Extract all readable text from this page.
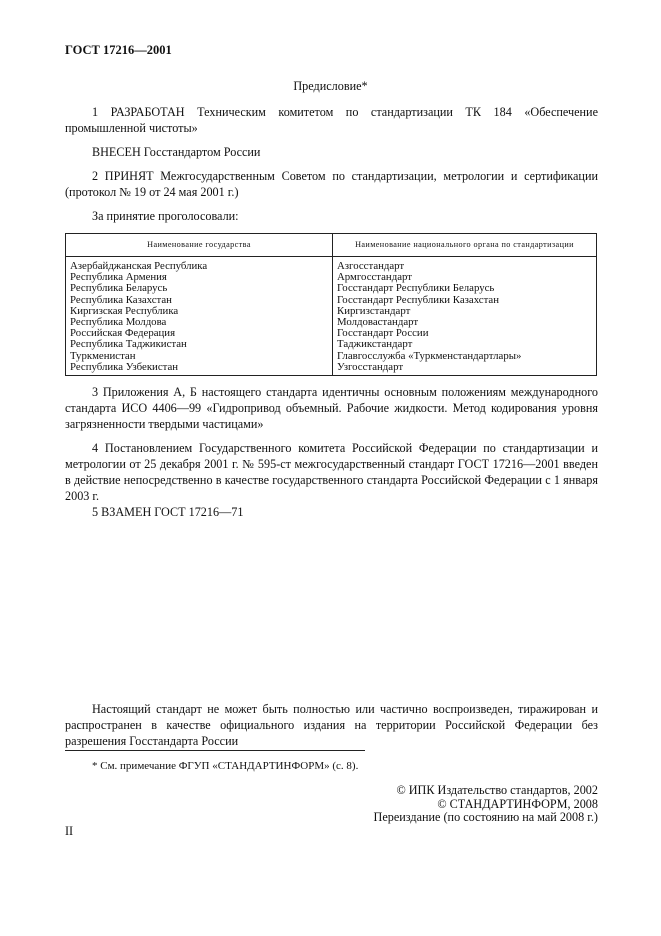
ГОСТ 17216—2001
Предисловие*
1 РАЗРАБОТАН Техническим комитетом по стандартизации ТК 184 «Обеспечение промышленной чистоты»
ВНЕСЕН Госстандартом России
2 ПРИНЯТ Межгосударственным Советом по стандартизации, метрологии и сертификации (протокол № 19 от 24 мая 2001 г.)
За принятие проголосовали:
Наименование государства	Наименование национального органа по стандартизации
Азербайджанская Республика	Азгосстандарт
Республика Армения	Армгосстандарт
Республика Беларусь	Госстандарт Республики Беларусь
Республика Казахстан	Госстандарт Республики Казахстан
Киргизская Республика	Киргизстандарт
Республика Молдова	Молдовастандарт
Российская Федерация	Госстандарт России
Республика Таджикистан	Таджикстандарт
Туркменистан	Главгосслужба «Туркменстандартлары»
Республика Узбекистан	Узгосстандарт
3 Приложения А, Б настоящего стандарта идентичны основным положениям международного стандарта ИСО 4406—99 «Гидропривод объемный. Рабочие жидкости. Метод кодирования уровня загрязненности твердыми частицами»
4 Постановлением Государственного комитета Российской Федерации по стандартизации и метрологии от 25 декабря 2001 г. № 595-ст межгосударственный стандарт ГОСТ 17216—2001 введен в действие непосредственно в качестве государственного стандарта Российской Федерации с 1 января 2003 г.
5 ВЗАМЕН ГОСТ 17216—71
Настоящий стандарт не может быть полностью или частично воспроизведен, тиражирован и распространен в качестве официального издания на территории Российской Федерации без разрешения Госстандарта России
* См. примечание ФГУП «СТАНДАРТИНФОРМ» (с. 8).
© ИПК Издательство стандартов, 2002
© СТАНДАРТИНФОРМ, 2008
Переиздание (по состоянию на май 2008 г.)
II
